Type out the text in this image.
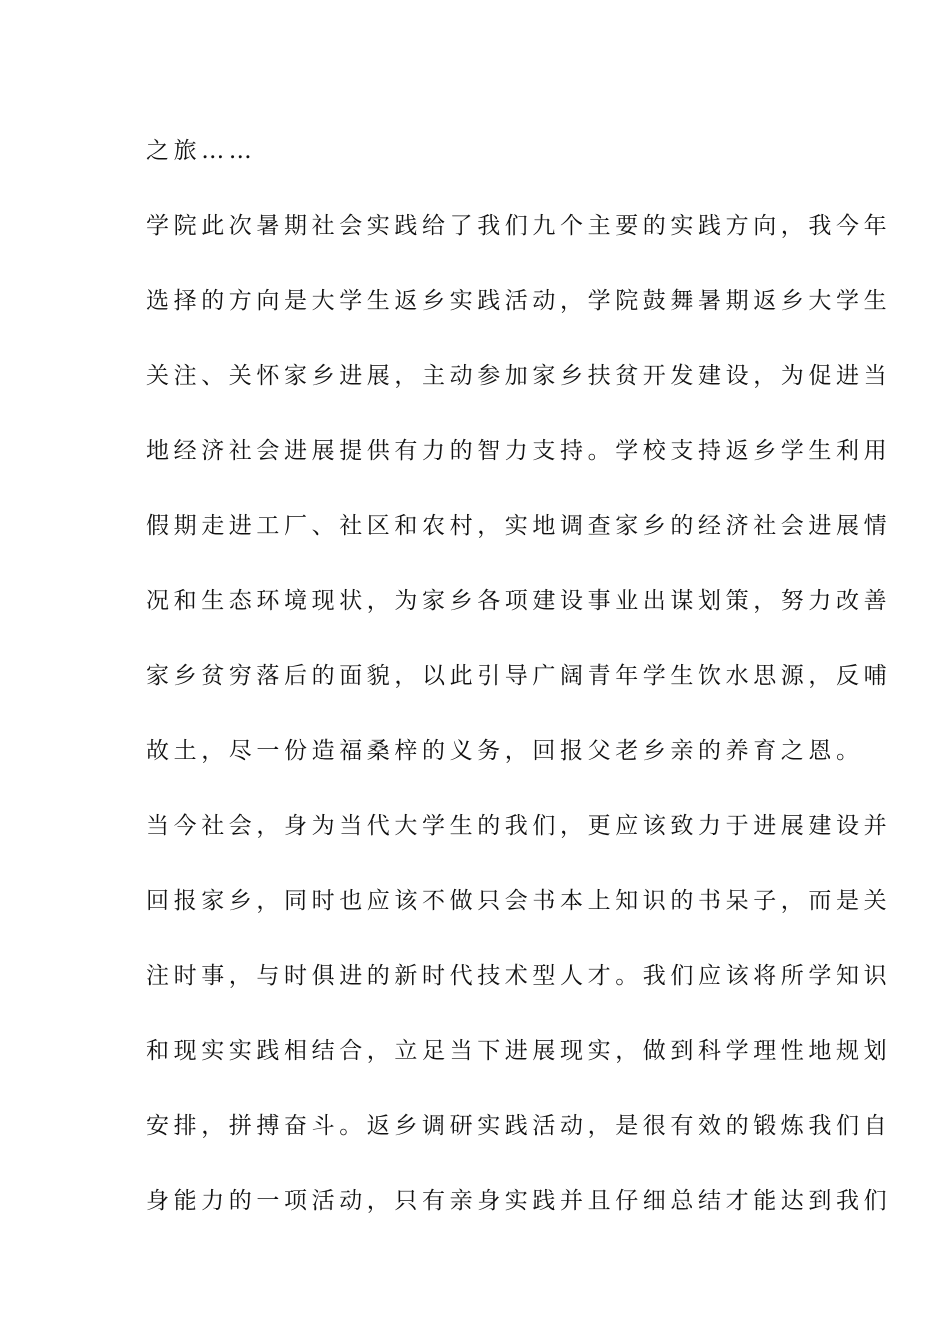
之旅……
学院此次暑期社会实践给了我们九个主要的实践方向，我今年
选择的方向是大学生返乡实践活动，学院鼓舞暑期返乡大学生
关注、关怀家乡进展，主动参加家乡扶贫开发建设，为促进当
地经济社会进展提供有力的智力支持。学校支持返乡学生利用
假期走进工厂、社区和农村，实地调查家乡的经济社会进展情
况和生态环境现状，为家乡各项建设事业出谋划策，努力改善
家乡贫穷落后的面貌，以此引导广阔青年学生饮水思源，反哺
故土，尽一份造福桑梓的义务，回报父老乡亲的养育之恩。
当今社会，身为当代大学生的我们，更应该致力于进展建设并
回报家乡，同时也应该不做只会书本上知识的书呆子，而是关
注时事，与时俱进的新时代技术型人才。我们应该将所学知识
和现实实践相结合，立足当下进展现实，做到科学理性地规划
安排，拼搏奋斗。返乡调研实践活动，是很有效的锻炼我们自
身能力的一项活动，只有亲身实践并且仔细总结才能达到我们
